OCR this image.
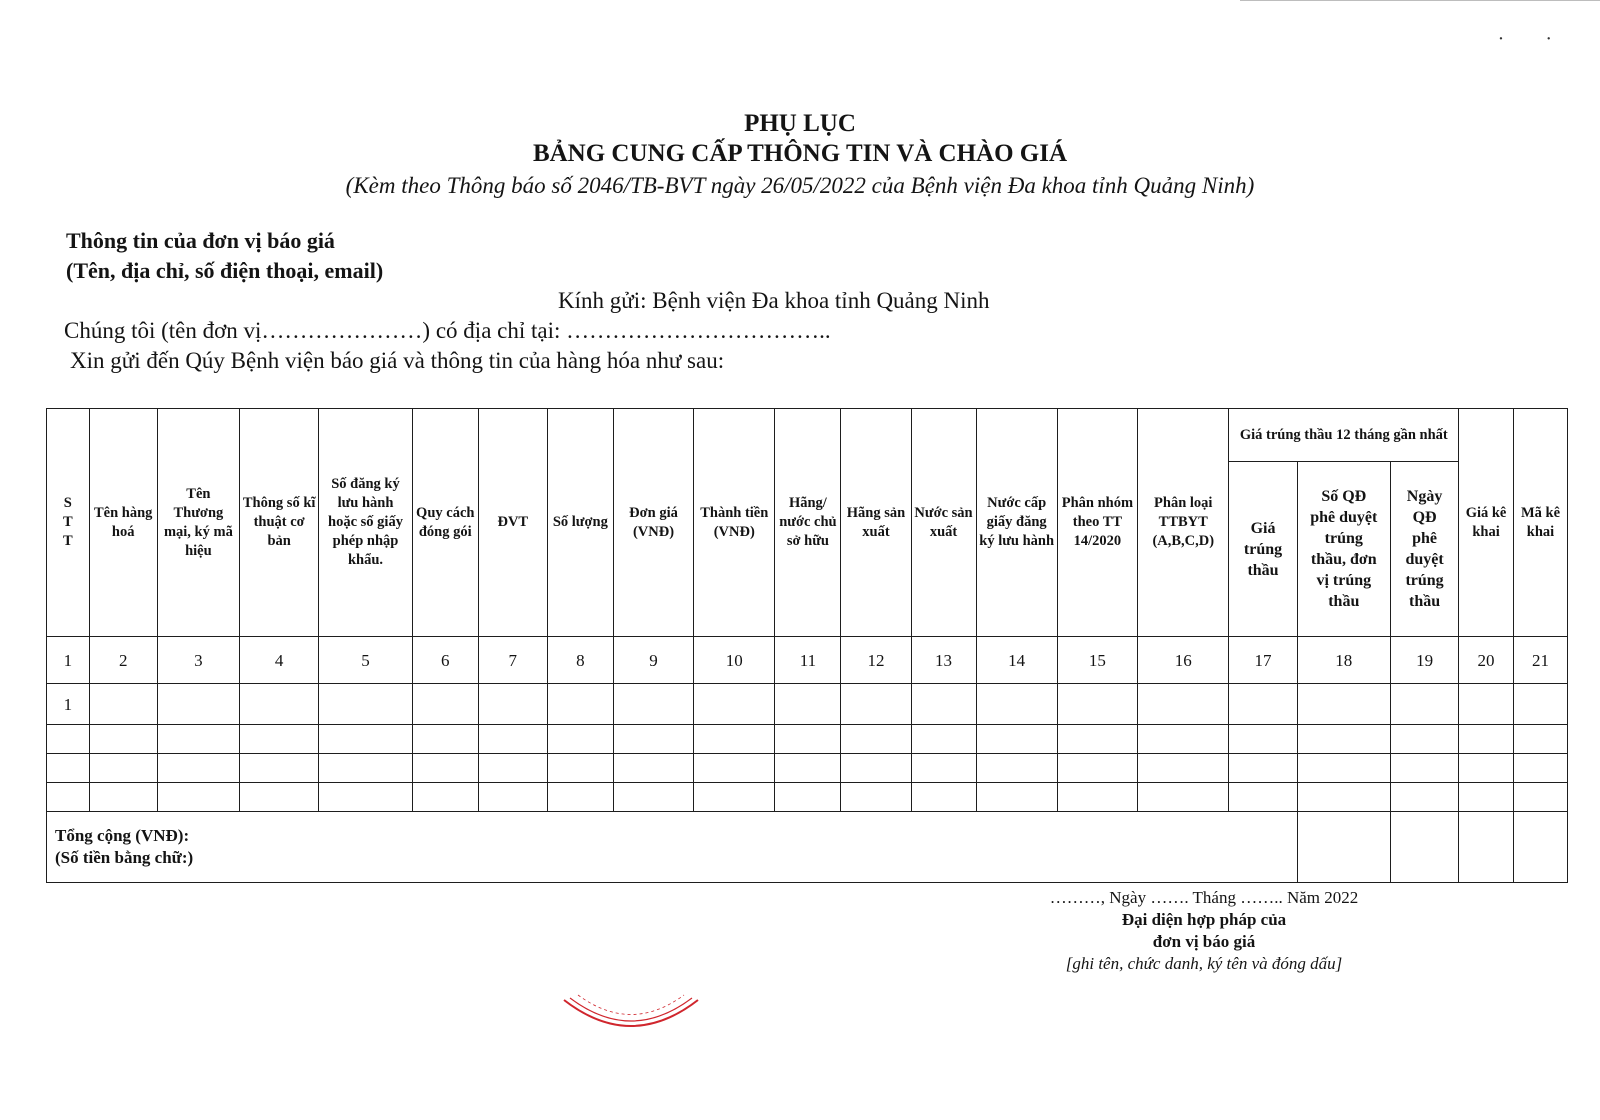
· ·
PHỤ LỤC
BẢNG CUNG CẤP THÔNG TIN VÀ CHÀO GIÁ
(Kèm theo Thông báo số 2046/TB-BVT ngày 26/05/2022 của Bệnh viện Đa khoa tỉnh Quảng Ninh)
Thông tin của đơn vị báo giá
(Tên, địa chỉ, số điện thoại, email)
Kính gửi: Bệnh viện Đa khoa tỉnh Quảng Ninh
Chúng tôi (tên đơn vị…………………) có địa chỉ tại: ……………………………..
Xin gửi đến Qúy Bệnh viện báo giá và thông tin của hàng hóa như sau:
S T T	Tên hàng hoá	Tên Thương mại, ký mã hiệu	Thông số kĩ thuật cơ bản	Số đăng ký lưu hành hoặc số giấy phép nhập khẩu.	Quy cách đóng gói	ĐVT	Số lượng	Đơn giá (VNĐ)	Thành tiền (VNĐ)	Hãng/ nước chủ sở hữu	Hãng sản xuất	Nước sản xuất	Nước cấp giấy đăng ký lưu hành	Phân nhóm theo TT 14/2020	Phân loại TTBYT (A,B,C,D)	Giá trúng thầu 12 tháng gần nhất			Giá kê khai	Mã kê khai
																Giá trúng thầu	Số QĐ phê duyệt trúng thầu, đơn vị trúng thầu	Ngày QĐ phê duyệt trúng thầu		
1	2	3	4	5	6	7	8	9	10	11	12	13	14	15	16	17	18	19	20	21
1																				

Tổng cộng (VNĐ):
(Số tiền bằng chữ:)																				

………, Ngày ……. Tháng …….. Năm 2022
Đại diện hợp pháp của
đơn vị báo giá
[ghi tên, chức danh, ký tên và đóng dấu]
